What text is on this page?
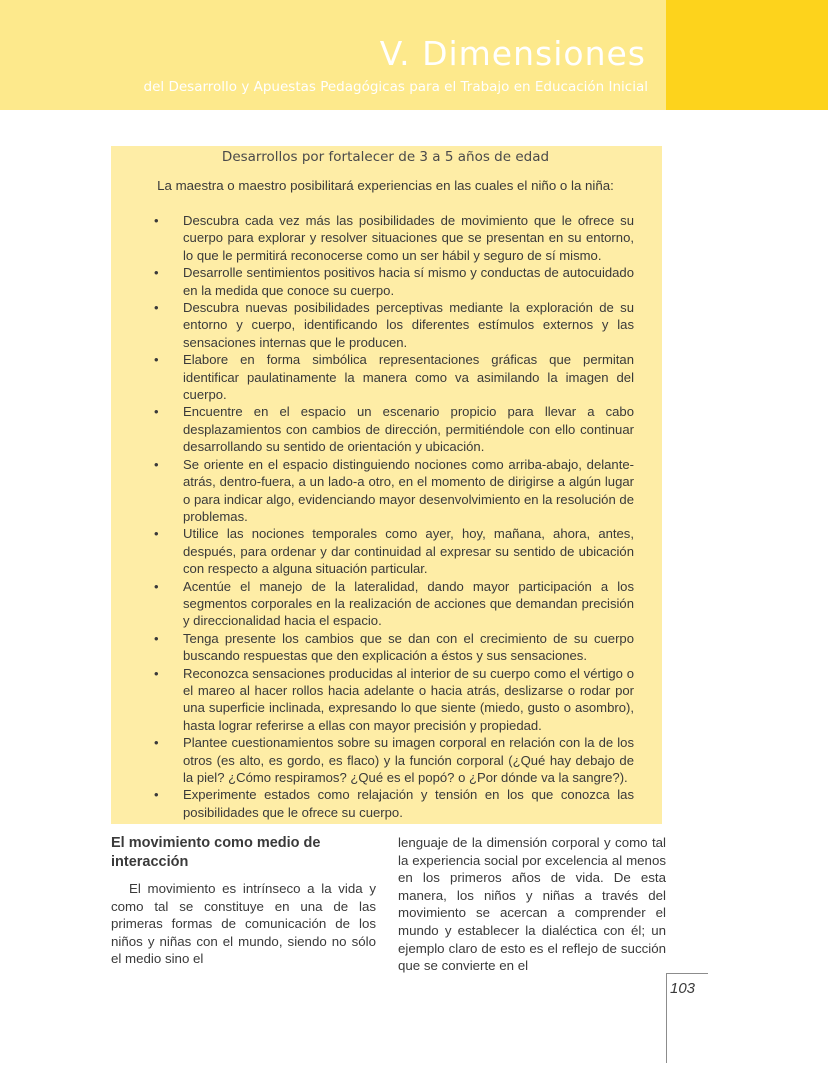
V. Dimensiones

del Desarrollo y Apuestas Pedagógicas para el Trabajo en Educación Inicial

Desarrollos por fortalecer de 3 a 5 años de edad

La maestra o maestro posibilitará experiencias en las cuales el niño o la niña:

• Descubra cada vez más las posibilidades de movimiento que le ofrece su cuerpo para explorar y resolver situaciones que se presentan en su entorno, lo que le permitirá reconocerse como un ser hábil y seguro de sí mismo.
• Desarrolle sentimientos positivos hacia sí mismo y conductas de autocuidado en la medida que conoce su cuerpo.
• Descubra nuevas posibilidades perceptivas mediante la exploración de su entorno y cuerpo, identificando los diferentes estímulos externos y las sensaciones internas que le producen.
• Elabore en forma simbólica representaciones gráficas que permitan identificar paulatinamente la manera como va asimilando la imagen del cuerpo.
• Encuentre en el espacio un escenario propicio para llevar a cabo desplazamientos con cambios de dirección, permitiéndole con ello continuar desarrollando su sentido de orientación y ubicación.
• Se oriente en el espacio distinguiendo nociones como arriba-abajo, delante-atrás, dentro-fuera, a un lado-a otro, en el momento de dirigirse a algún lugar o para indicar algo, evidenciando mayor desenvolvimiento en la resolución de problemas.
• Utilice las nociones temporales como ayer, hoy, mañana, ahora, antes, después, para ordenar y dar continuidad al expresar su sentido de ubicación con respecto a alguna situación particular.
• Acentúe el manejo de la lateralidad, dando mayor participación a los segmentos corporales en la realización de acciones que demandan precisión y direccionalidad hacia el espacio.
• Tenga presente los cambios que se dan con el crecimiento de su cuerpo buscando respuestas que den explicación a éstos y sus sensaciones.
• Reconozca sensaciones producidas al interior de su cuerpo como el vértigo o el mareo al hacer rollos hacia adelante o hacia atrás, deslizarse o rodar por una superficie inclinada, expresando lo que siente (miedo, gusto o asombro), hasta lograr referirse a ellas con mayor precisión y propiedad.
• Plantee cuestionamientos sobre su imagen corporal en relación con la de los otros (es alto, es gordo, es flaco) y la función corporal (¿Qué hay debajo de la piel? ¿Cómo respiramos? ¿Qué es el popó? o ¿Por dónde va la sangre?).
• Experimente estados como relajación y tensión en los que conozca las posibilidades que le ofrece su cuerpo.
El movimiento como medio de interacción

El movimiento es intrínseco a la vida y como tal se constituye en una de las primeras formas de comunicación de los niños y niñas con el mundo, siendo no sólo el medio sino el

lenguaje de la dimensión corporal y como tal la experiencia social por excelencia al menos en los primeros años de vida. De esta manera, los niños y niñas a través del movimiento se acercan a comprender el mundo y establecer la dialéctica con él; un ejemplo claro de esto es el reflejo de succión que se convierte en el

103
